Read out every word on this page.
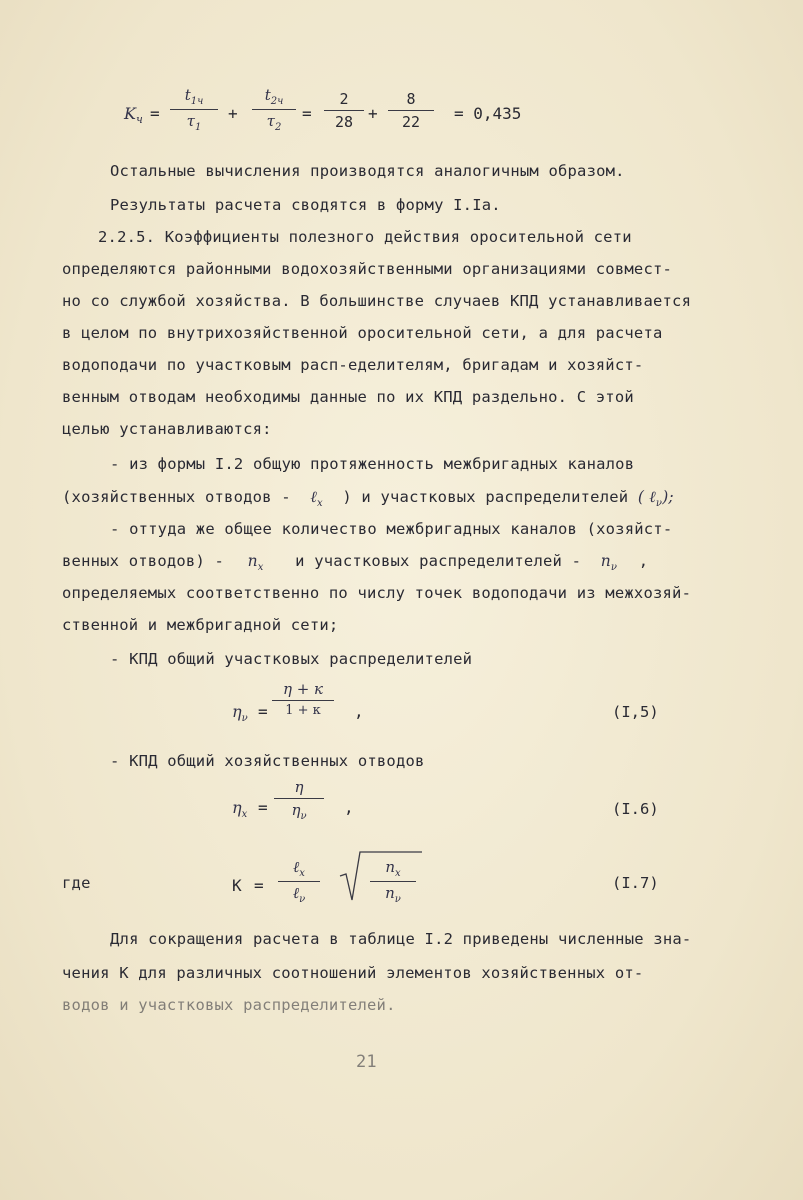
$K_ч$ =
$t_{1ч}$
$\tau_1$
+
$t_{2ч}$
$\tau_2$
=
2
28 +
8
22	= 0,435
Остальные вычисления производятся аналогичным образом.
Результаты расчета сводятся в форму I.Iа.
2.2.5. Коэффициенты полезного действия оросительной сети
определяются районными водохозяйственными организациями совмест-
но со службой хозяйства. В большинстве случаев КПД устанавливается
в целом по внутрихозяйственной оросительной сети, а для расчета
водоподачи по участковым расп-еделителям, бригадам и хозяйст-
венным отводам необходимы данные по их КПД раздельно. С этой
целью устанавливаются:
- из формы I.2 общую протяженность межбригадных каналов
(хозяйственных отводов - ℓ$_х$ ) и участковых распределителей ( ℓ$_\nu$);
- оттуда же общее количество межбригадных каналов (хозяйст-
венных отводов) - $n_х$ и участковых распределителей - $n_\nu$ ,
определяемых соответственно по числу точек водоподачи из межхозяй-
ственной и межбригадной сети;
- КПД общий участковых распределителей
$\eta_\nu$ =
η + к
1 + к	,	(I,5)
- КПД общий хозяйственных отводов
$\eta_х$ =
η
$\eta_\nu$	,	(I.6)
где	К =
ℓ$_х$
ℓ$_\nu$
$n_х$
$n_\nu$
(I.7)
Для сокращения расчета в таблице I.2 приведены численные зна-
чения К для различных соотношений элементов хозяйственных от-
водов и участковых распределителей.
21
